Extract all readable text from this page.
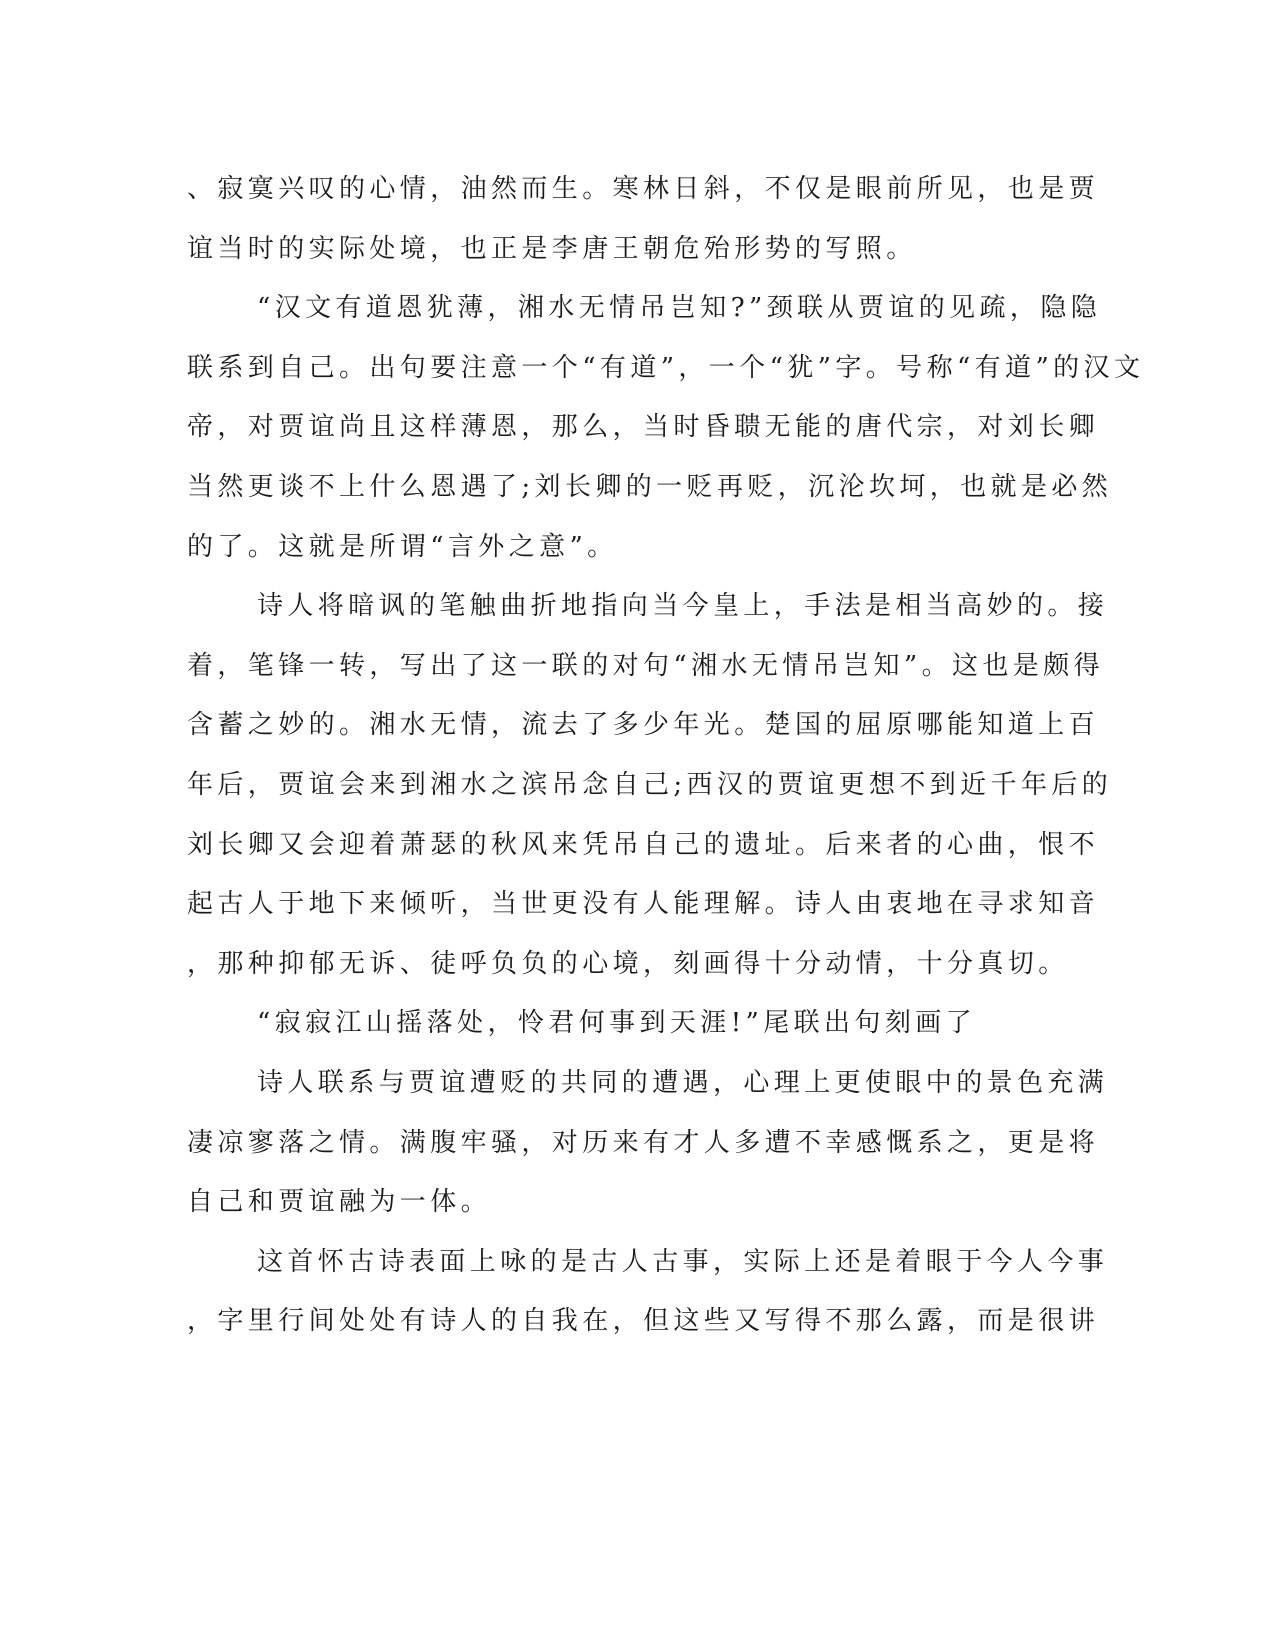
、寂寞兴叹的心情，油然而生。寒林日斜，不仅是眼前所见，也是贾
谊当时的实际处境，也正是李唐王朝危殆形势的写照。
“汉文有道恩犹薄，湘水无情吊岂知?”颈联从贾谊的见疏，隐隐
联系到自己。出句要注意一个“有道”，一个“犹”字。号称“有道”的汉文
帝，对贾谊尚且这样薄恩，那么，当时昏聩无能的唐代宗，对刘长卿
当然更谈不上什么恩遇了;刘长卿的一贬再贬，沉沦坎坷，也就是必然
的了。这就是所谓“言外之意”。
诗人将暗讽的笔触曲折地指向当今皇上，手法是相当高妙的。接
着，笔锋一转，写出了这一联的对句“湘水无情吊岂知”。这也是颇得
含蓄之妙的。湘水无情，流去了多少年光。楚国的屈原哪能知道上百
年后，贾谊会来到湘水之滨吊念自己;西汉的贾谊更想不到近千年后的
刘长卿又会迎着萧瑟的秋风来凭吊自己的遗址。后来者的心曲，恨不
起古人于地下来倾听，当世更没有人能理解。诗人由衷地在寻求知音
，那种抑郁无诉、徒呼负负的心境，刻画得十分动情，十分真切。
“寂寂江山摇落处，怜君何事到天涯!”尾联出句刻画了
诗人联系与贾谊遭贬的共同的遭遇，心理上更使眼中的景色充满
凄凉寥落之情。满腹牢骚，对历来有才人多遭不幸感慨系之，更是将
自己和贾谊融为一体。
这首怀古诗表面上咏的是古人古事，实际上还是着眼于今人今事
，字里行间处处有诗人的自我在，但这些又写得不那么露，而是很讲
